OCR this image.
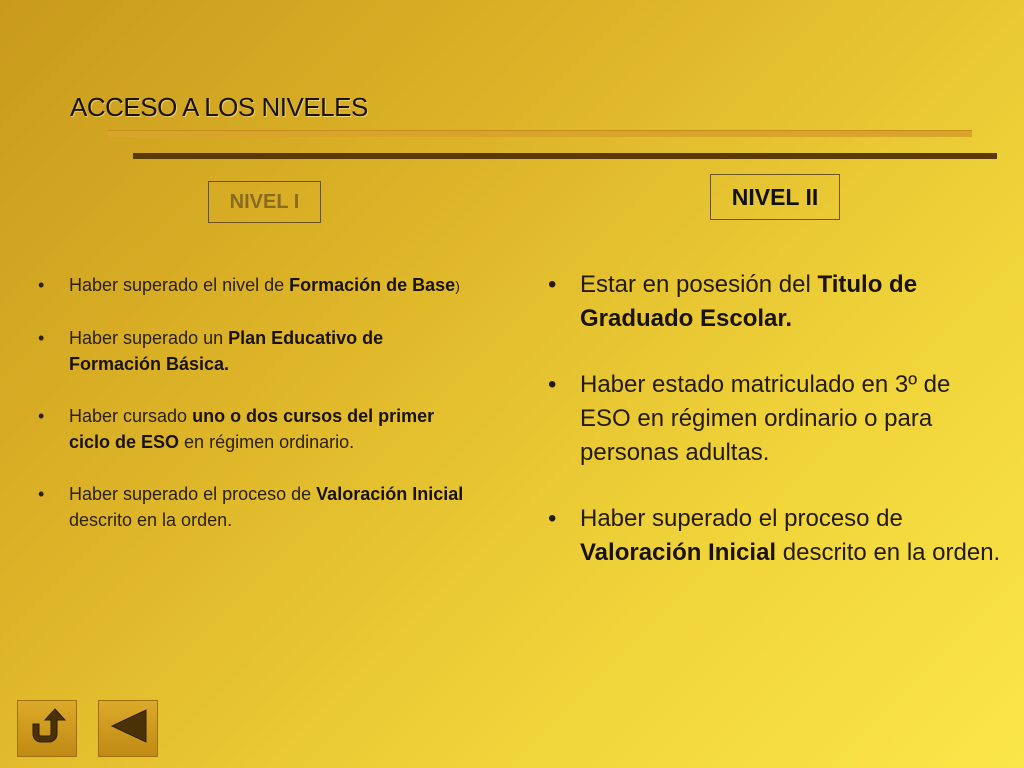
ACCESO A LOS NIVELES
NIVEL I	NIVEL II
• Haber superado el nivel de Formación de Base)
• Haber superado un Plan Educativo de Formación Básica.
• Haber cursado uno o dos cursos del primer ciclo de ESO en régimen ordinario.
• Haber superado el proceso de Valoración Inicial descrito en la orden.
• Estar en posesión del Titulo de Graduado Escolar.
• Haber estado matriculado en 3º de ESO en régimen ordinario o para personas adultas.
• Haber superado el proceso de Valoración Inicial descrito en la orden.
